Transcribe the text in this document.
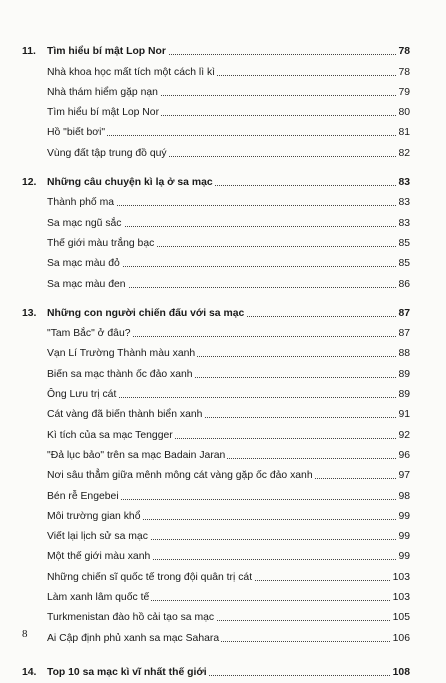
11. Tìm hiểu bí mật Lop Nor	78
Nhà khoa học mất tích một cách lì kì	78
Nhà thám hiểm gặp nạn	79
Tìm hiểu bí mật Lop Nor	80
Hồ "biết bơi"	81
Vùng đất tập trung đồ quý	82
12. Những câu chuyện kì lạ ở sa mạc	83
Thành phố ma	83
Sa mạc ngũ sắc	83
Thế giới màu trắng bạc	85
Sa mạc màu đỏ	85
Sa mạc màu đen	86
13. Những con người chiến đấu với sa mạc	87
"Tam Bắc" ở đâu?	87
Vạn Lí Trường Thành màu xanh	88
Biến sa mạc thành ốc đảo xanh	89
Ông Lưu trị cát	89
Cát vàng đã biến thành biển xanh	91
Kì tích của sa mạc Tengger	92
"Đả lục bảo" trên sa mạc Badain Jaran	96
Nơi sâu thẳm giữa mênh mông cát vàng gặp ốc đảo xanh	97
Bén rễ Engebei	98
Môi trường gian khổ	99
Viết lại lịch sử sa mạc	99
Một thế giới màu xanh	99
Những chiến sĩ quốc tế trong đội quân trị cát	103
Làm xanh lâm quốc tế	103
Turkmenistan đào hồ cải tạo sa mạc	105
Ai Cập định phủ xanh sa mạc Sahara	106
14. Top 10 sa mạc kì vĩ nhất thế giới	108
8
